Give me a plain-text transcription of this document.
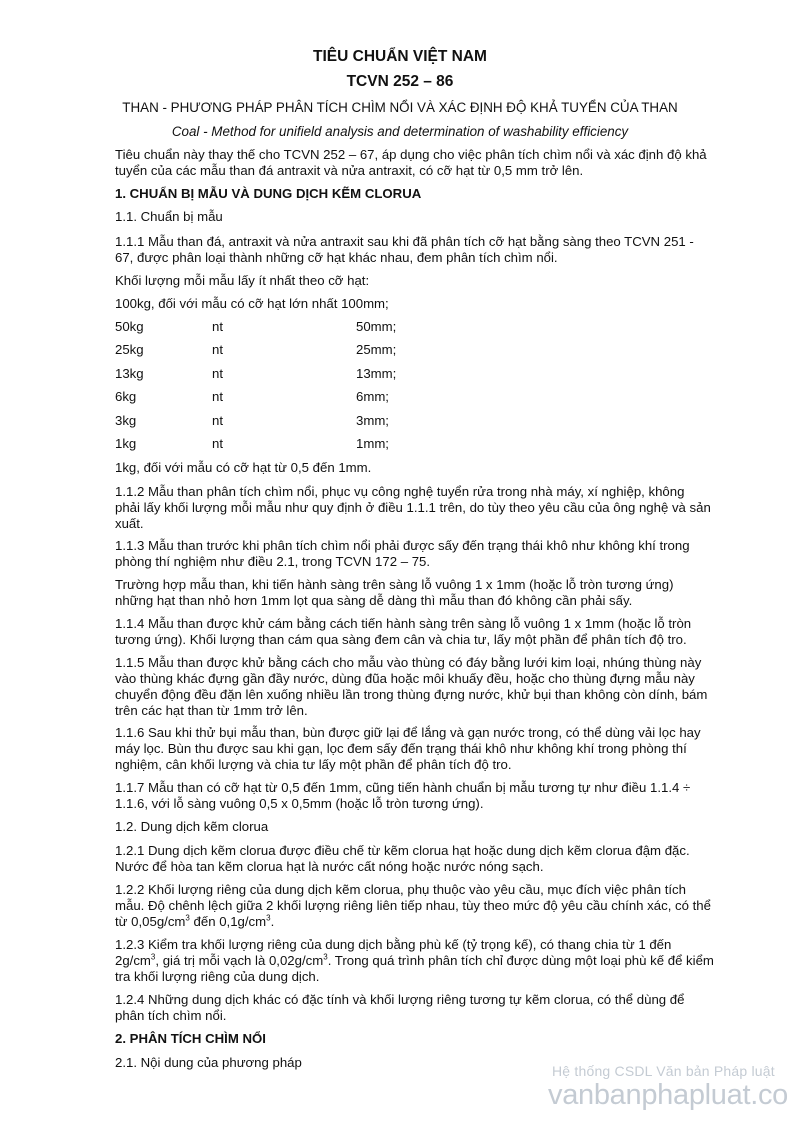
TIÊU CHUẨN VIỆT NAM
TCVN 252 – 86
THAN - PHƯƠNG PHÁP PHÂN TÍCH CHÌM NỔI VÀ XÁC ĐỊNH ĐỘ KHẢ TUYỂN CỦA THAN
Coal - Method for unifield analysis and determination of washability efficiency
Tiêu chuẩn này thay thế cho TCVN 252 – 67, áp dụng cho việc phân tích chìm nổi và xác định độ khả
tuyển của các mẫu than đá antraxit và nửa antraxit, có cỡ hạt từ 0,5 mm trở lên.
1. CHUẨN BỊ MẪU VÀ DUNG DỊCH KẼM CLORUA
1.1. Chuẩn bị mẫu
1.1.1 Mẫu than đá, antraxit và nửa antraxit sau khi đã phân tích cỡ hạt bằng sàng theo TCVN 251 -
67, được phân loại thành những cỡ hạt khác nhau, đem phân tích chìm nổi.
Khối lượng mỗi mẫu lấy ít nhất theo cỡ hạt:
100kg, đối với mẫu có cỡ hạt lớn nhất 100mm;
50kg	nt	50mm;
25kg	nt	25mm;
13kg	nt	13mm;
6kg	nt	6mm;
3kg	nt	3mm;
1kg	nt	1mm;
1kg, đối với mẫu có cỡ hạt từ 0,5 đến 1mm.
1.1.2 Mẫu than phân tích chìm nổi, phục vụ công nghệ tuyển rửa trong nhà máy, xí nghiệp, không
phải lấy khối lượng mỗi mẫu như quy định ở điều 1.1.1 trên, do tùy theo yêu cầu của ông nghệ và sản
xuất.
1.1.3 Mẫu than trước khi phân tích chìm nổi phải được sấy đến trạng thái khô như không khí trong
phòng thí nghiệm như điều 2.1, trong TCVN 172 – 75.
Trường hợp mẫu than, khi tiến hành sàng trên sàng lỗ vuông 1 x 1mm (hoặc lỗ tròn tương ứng)
những hạt than nhỏ hơn 1mm lọt qua sàng dễ dàng thì mẫu than đó không cần phải sấy.
1.1.4 Mẫu than được khử cám bằng cách tiến hành sàng trên sàng lỗ vuông 1 x 1mm (hoặc lỗ tròn
tương ứng). Khối lượng than cám qua sàng đem cân và chia tư, lấy một phần để phân tích độ tro.
1.1.5 Mẫu than được khử bằng cách cho mẫu vào thùng có đáy bằng lưới kim loại, nhúng thùng này
vào thùng khác đựng gần đầy nước, dùng đũa hoặc môi khuấy đều, hoặc cho thùng đựng mẫu này
chuyển động đều đặn lên xuống nhiều lần trong thùng đựng nước, khử bụi than không còn dính, bám
trên các hạt than từ 1mm trở lên.
1.1.6 Sau khi thử bụi mẫu than, bùn được giữ lại để lắng và gạn nước trong, có thể dùng vải lọc hay
máy lọc. Bùn thu được sau khi gạn, lọc đem sấy đến trạng thái khô như không khí trong phòng thí
nghiệm, cân khối lượng và chia tư lấy một phần để phân tích độ tro.
1.1.7 Mẫu than có cỡ hạt từ 0,5 đến 1mm, cũng tiến hành chuẩn bị mẫu tương tự như điều 1.1.4 ÷
1.1.6, với lỗ sàng vuông 0,5 x 0,5mm (hoặc lỗ tròn tương ứng).
1.2. Dung dịch kẽm clorua
1.2.1 Dung dịch kẽm clorua được điều chế từ kẽm clorua hạt hoặc dung dịch kẽm clorua đậm đặc.
Nước để hòa tan kẽm clorua hạt là nước cất nóng hoặc nước nóng sạch.
1.2.2 Khối lượng riêng của dung dịch kẽm clorua, phụ thuộc vào yêu cầu, mục đích việc phân tích
mẫu. Độ chênh lệch giữa 2 khối lượng riêng liên tiếp nhau, tùy theo mức độ yêu cầu chính xác, có thể
từ $0,05g/cm^3$ đến $0,1g/cm^3$.
1.2.3 Kiểm tra khối lượng riêng của dung dịch bằng phù kế (tỷ trọng kế), có thang chia từ 1 đến
$2g/cm^3$, giá trị mỗi vạch là $0,02g/cm^3$. Trong quá trình phân tích chỉ được dùng một loại phù kế để kiểm
tra khối lượng riêng của dung dịch.
1.2.4 Những dung dịch khác có đặc tính và khối lượng riêng tương tự kẽm clorua, có thể dùng để
phân tích chìm nổi.
2. PHÂN TÍCH CHÌM NỔI
2.1. Nội dung của phương pháp
Hệ thống CSDL Văn bản Pháp luật
vanbanphapluat.co
